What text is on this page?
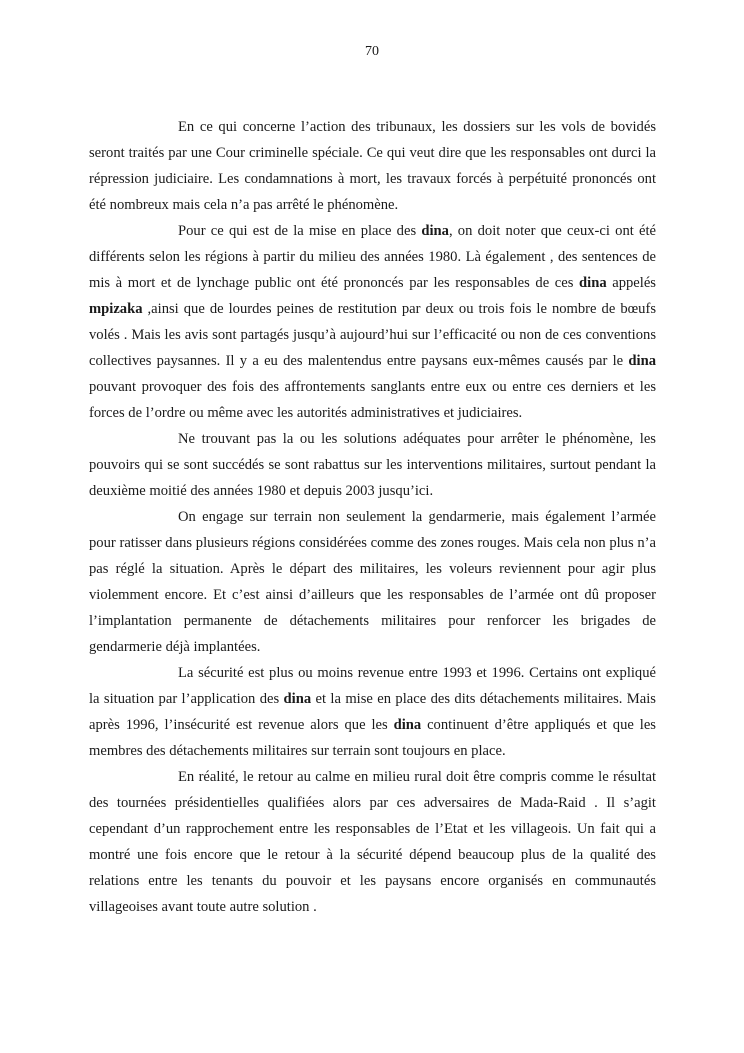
70

En ce qui concerne l’action des tribunaux, les dossiers sur les vols de bovidés seront traités par une Cour criminelle spéciale. Ce qui veut dire que les responsables ont durci la répression judiciaire. Les condamnations à mort, les travaux forcés à perpétuité prononcés ont été nombreux mais cela n’a pas arrêté le phénomène.

Pour ce qui est de la mise en place des dina, on doit noter que ceux-ci ont été différents selon les régions à partir du milieu des années 1980. Là également , des sentences de mis à mort et de lynchage public ont été prononcés par les responsables de ces dina appelés mpizaka ,ainsi que de lourdes peines de restitution par deux ou trois fois le nombre de bœufs volés . Mais les avis sont partagés jusqu’à aujourd’hui sur l’efficacité ou non de ces conventions collectives paysannes. Il y a eu des malentendus entre paysans eux-mêmes causés par le dina pouvant provoquer des fois des affrontements sanglants entre eux ou entre ces derniers et les forces de l’ordre ou même avec les autorités administratives et judiciaires.

Ne trouvant pas la ou les solutions adéquates pour arrêter le phénomène, les pouvoirs qui se sont succédés se sont rabattus sur les interventions militaires, surtout pendant la deuxième moitié des années 1980 et depuis 2003 jusqu’ici.

On engage sur terrain non seulement la gendarmerie, mais également l’armée pour ratisser dans plusieurs régions considérées comme des zones rouges. Mais cela non plus n’a pas réglé la situation. Après le départ des militaires, les voleurs reviennent pour agir plus violemment encore. Et c’est ainsi d’ailleurs que les responsables de l’armée ont dû proposer l’implantation permanente de détachements militaires pour renforcer les brigades de gendarmerie déjà implantées.

La sécurité est plus ou moins revenue entre 1993 et 1996. Certains ont expliqué la situation par l’application des dina et la mise en place des dits détachements militaires. Mais après 1996, l’insécurité est revenue alors que les dina continuent d’être appliqués et que les membres des détachements militaires sur terrain sont toujours en place.

En réalité, le retour au calme en milieu rural doit être compris comme le résultat des tournées présidentielles qualifiées alors par ces adversaires de Mada-Raid . Il s’agit cependant d’un rapprochement entre les responsables de l’Etat et les villageois. Un fait qui a montré une fois encore que le retour à la sécurité dépend beaucoup plus de la qualité des relations entre les tenants du pouvoir et les paysans encore organisés en communautés villageoises avant toute autre solution .
